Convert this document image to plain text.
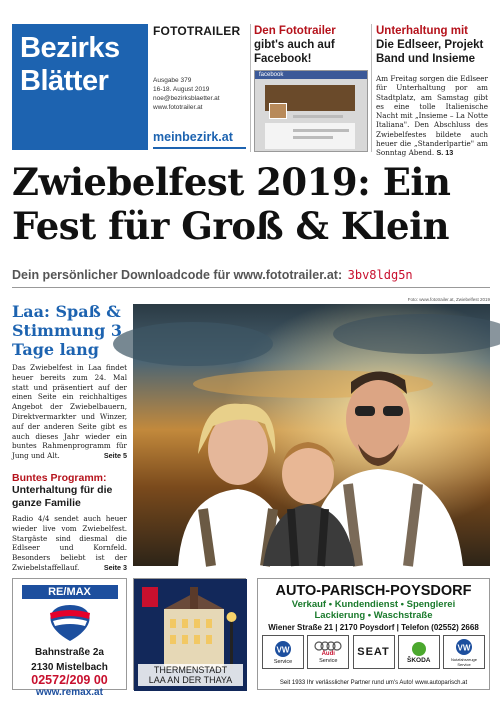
Bezirks
Blätter
FOTOTRAILER
Ausgabe 379
16-18. August 2019
noe@bezirksblaetter.at
www.fototrailer.at
meinbezirk.at
Den Fototrailer
gibt's auch auf Facebook!
facebook
Unterhaltung mit
Die Edlseer, Projekt Band und Insieme
Am Freitag sorgen die Edlseer für Unterhaltung por am Stadtplatz, am Samstag gibt es eine tolle Italienische Nacht mit „Insieme – La Notte Italiana". Den Abschluss des Zwiebelfestes bildete auch heuer die „Standerlpartie" am Sonntag Abend. S. 13
Zwiebelfest 2019: Ein Fest für Groß & Klein
Dein persönlicher Downloadcode für www.fototrailer.at: 3bv8ldg5n
Laa: Spaß & Stimmung 3 Tage lang
Das Zwiebelfest in Laa findet heuer bereits zum 24. Mal statt und präsentiert auf der einen Seite ein reichhaltiges Angebot der Zwiebelbauern, Direktvermarkter und Winzer, auf der anderen Seite gibt es auch dieses Jahr wieder ein buntes Rahmenprogramm für Jung und Alt.	Seite 5
Buntes Programm:
Unterhaltung für die ganze Familie
Radio 4/4 sendet auch heuer wieder live vom Zwiebelfest. Stargäste sind diesmal die Edlseer und Kornfeld. Besonders beliebt ist der Zwiebelstaffellauf.	Seite 3
Foto: www.fototrailer.at, Zwiebelfest 2019
RE/MAX
Bahnstraße 2a
2130 Mistelbach
02572/209 00
www.remax.at
THERMENSTADT
LAA AN DER THAYA
AUTO-PARISCH-POYSDORF
Verkauf • Kundendienst • Spenglerei
Lackierung • Waschstraße
Wiener Straße 21 | 2170 Poysdorf | Telefon (02552) 2668
VW
Service
Audi
Service
SEAT
ŠKODA
VW
Nutzfahrzeuge Service
Seit 1933 Ihr verlässlicher Partner rund um's Auto! www.autoparisch.at
